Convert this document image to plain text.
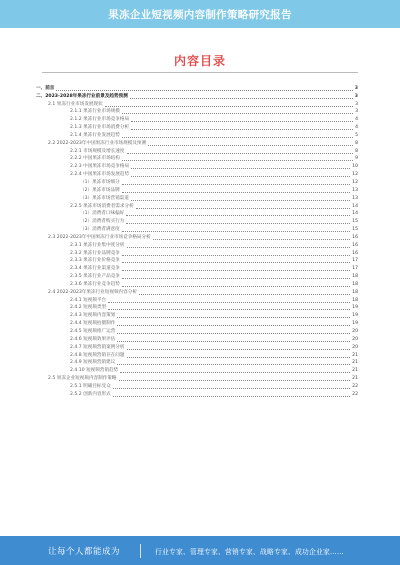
果冻企业短视频内容制作策略研究报告
内容目录
一、前言	3
二、2023-2028年果冻行业前景及趋势预测	3
2.1 果冻行业市场发展现状	3
2.1.1 果冻行业市场规模	3
2.1.2 果冻行业市场竞争格局	4
2.1.3 果冻行业市场消费分析	4
2.1.4 果冻行业发展趋势	5
2.2 2022-2023年中国果冻行业市场规模及预测	8
2.2.1 市场规模及增长速度	8
2.2.2 中国果冻市场结构	9
2.2.3 中国果冻市场竞争格局	10
2.2.4 中国果冻市场发展趋势	12
（1）果冻市场细分	12
（2）果冻市场品牌	13
（3）果冻市场营销渠道	13
2.2.5 果冻市场消费者需求分析	14
（1）消费者口味偏好	14
（2）消费者购买行为	15
（3）消费者满意度	15
2.3 2022-2023年中国果冻行业市场竞争格局分析	16
2.3.1 果冻行业集中度分析	16
2.3.2 果冻行业品牌竞争	16
2.3.3 果冻行业价格竞争	17
2.3.4 果冻行业渠道竞争	17
2.3.5 果冻行业产品竞争	18
2.3.6 果冻行业竞争趋势	18
2.4 2022-2023年果冻行业短视频内容分析	18
2.4.1 短视频平台	18
2.4.2 短视频类型	19
2.4.3 短视频内容策划	19
2.4.4 短视频拍摄制作	19
2.4.5 短视频推广运营	20
2.4.6 短视频效果评估	20
2.4.7 短视频营销案例分析	20
2.4.8 短视频营销存在问题	21
2.4.9 短视频营销建议	21
2.4.10 短视频营销趋势	21
2.5 果冻企业短视频内容制作策略	21
2.5.1 明确目标受众	22
2.5.2 创新内容形式	22
让每个人都能成为	行业专家、管理专家、营销专家、战略专家、成功企业家……
